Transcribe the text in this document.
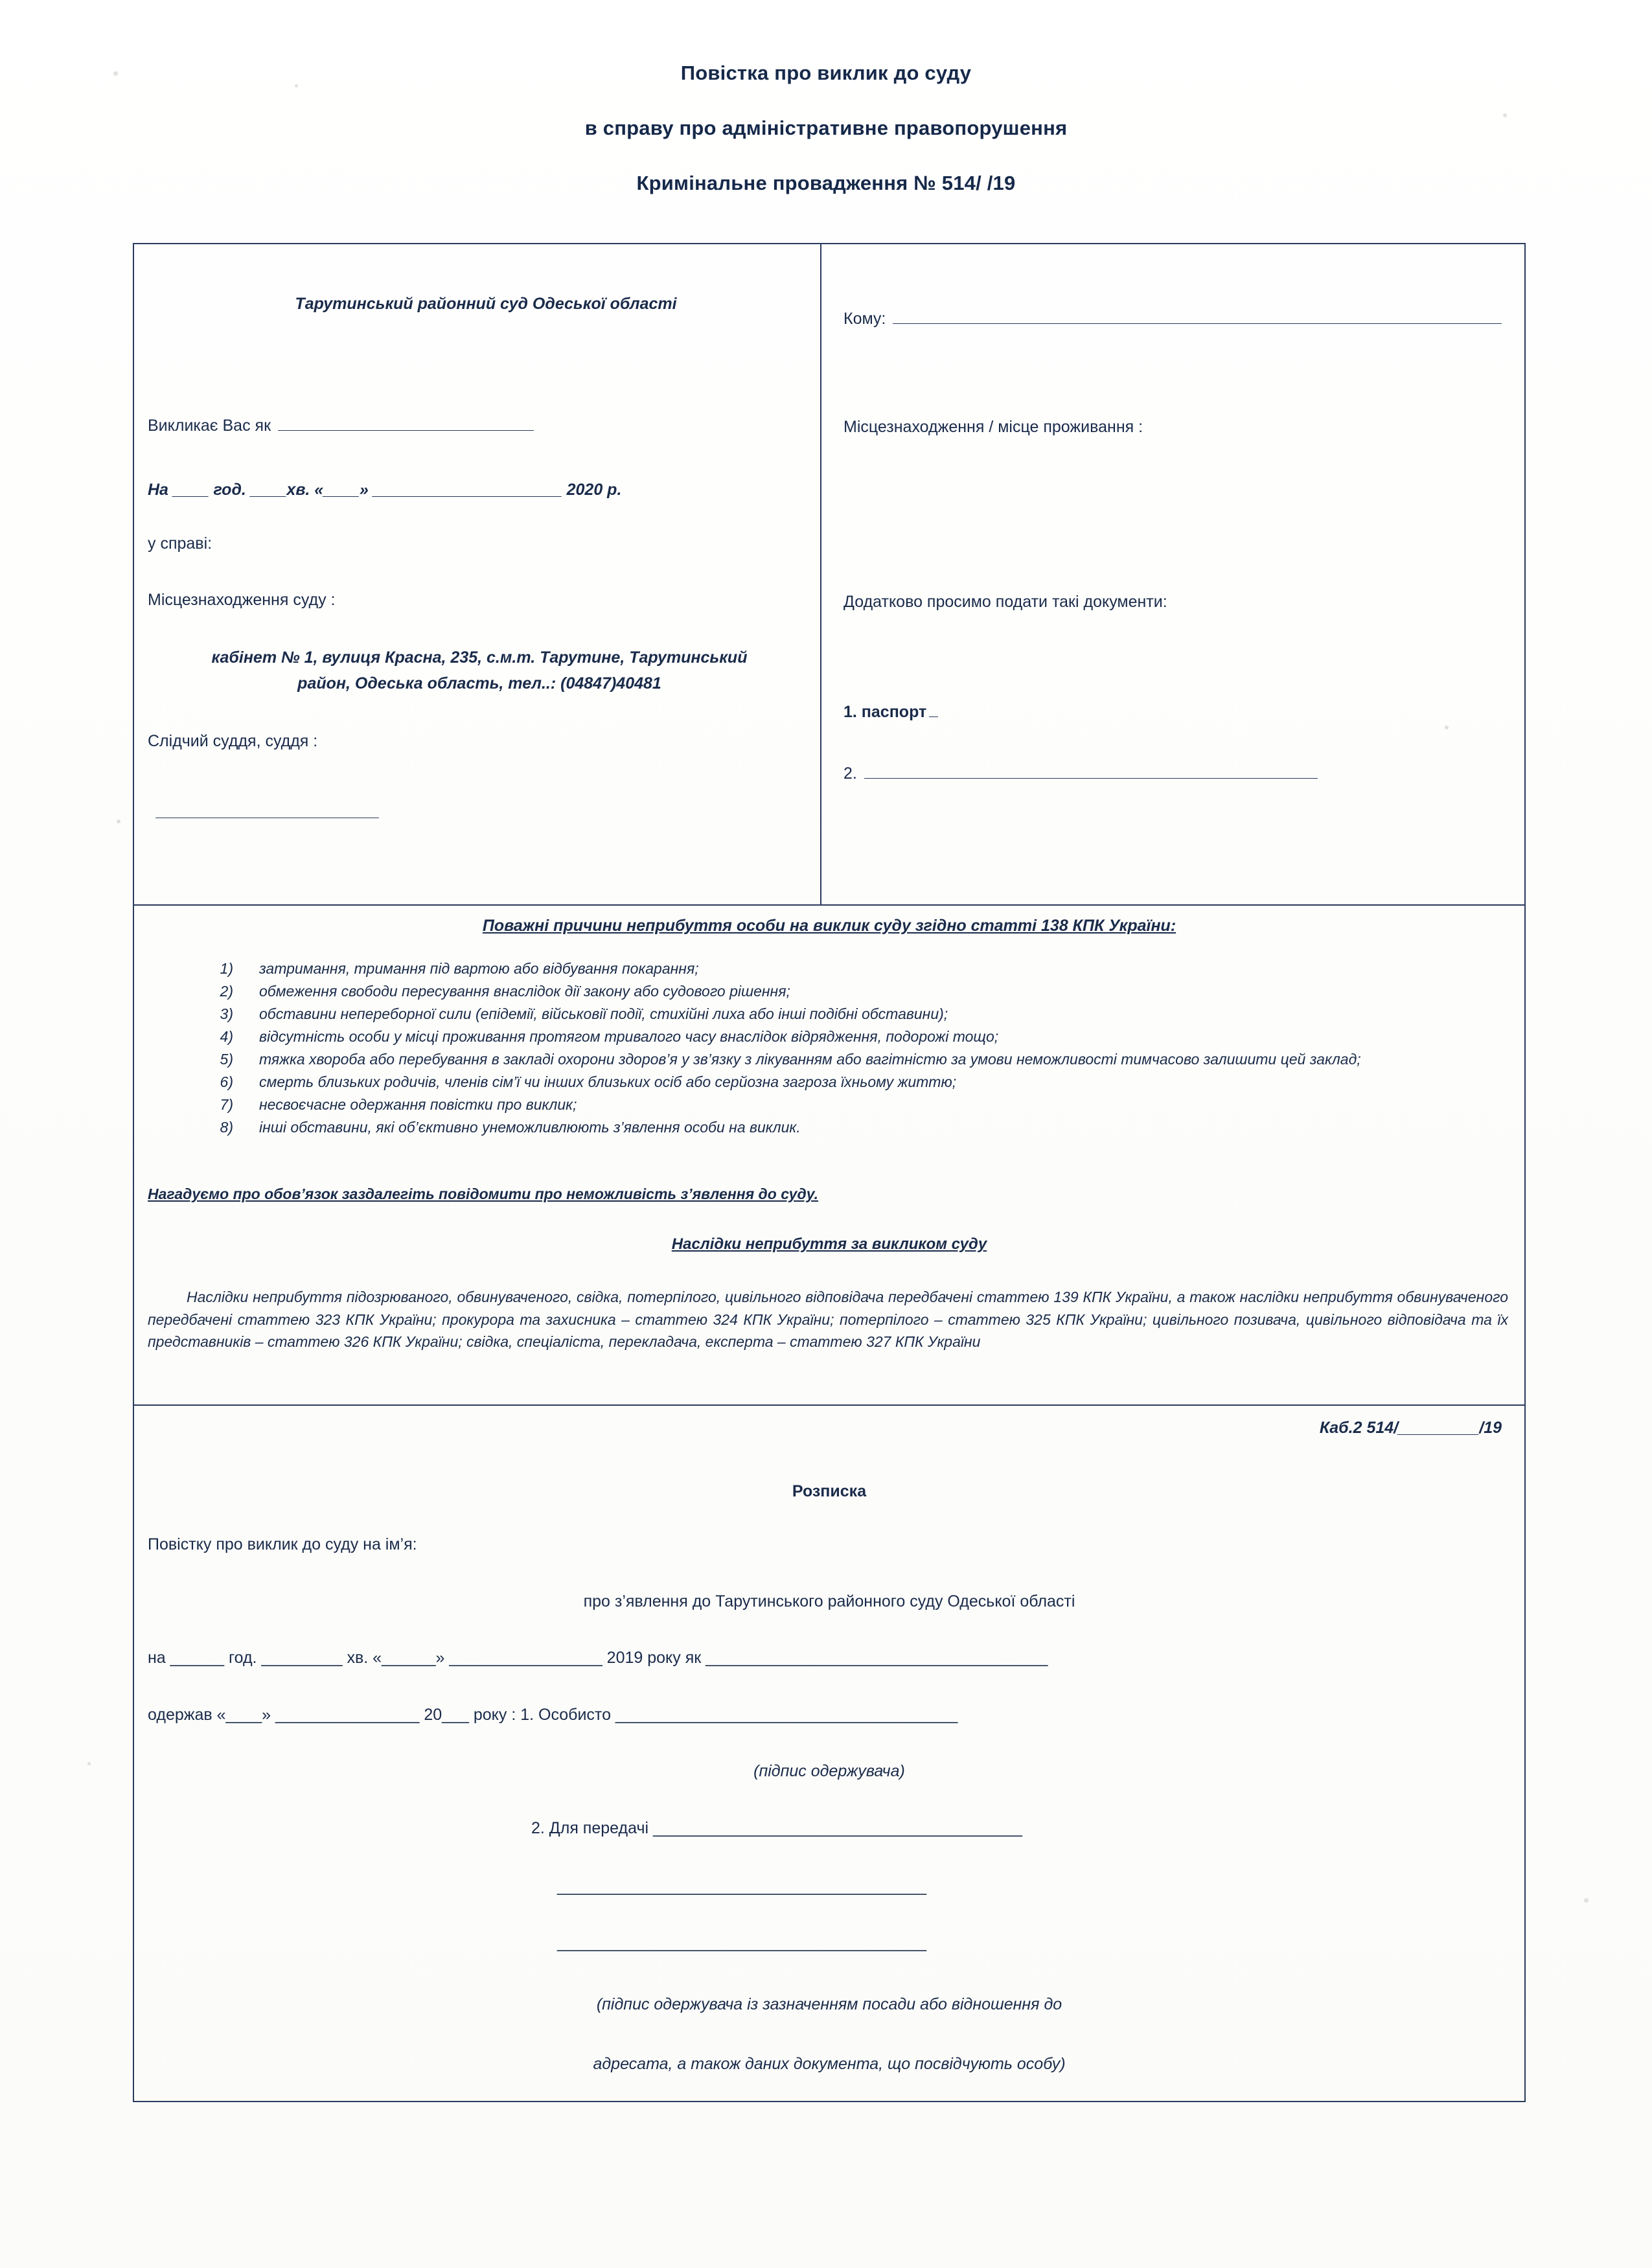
Повістка про виклик до суду
в справу про адміністративне правопорушення
Кримінальне провадження № 514/ /19
Тарутинський районний суд Одеської області
Викликає Вас як
На ____ год. ____хв. «____» _____________________ 2020 р.
у справі:
Місцезнаходження суду :
кабінет № 1, вулиця Красна, 235, с.м.т. Тарутине, Тарутинський
район, Одеська область, тел..: (04847)40481
Слідчий суддя, суддя :
Кому:
Місцезнаходження / місце проживання :
Додатково просимо подати такі документи:
1. паспорт
2.
Поважні причини неприбуття особи на виклик суду згідно статті 138 КПК України:
1) затримання, тримання під вартою або відбування покарання;
2) обмеження свободи пересування внаслідок дії закону або судового рішення;
3) обставини непереборної сили (епідемії, військовії події, стихійні лиха або інші подібні обставини);
4) відсутність особи у місці проживання протягом тривалого часу внаслідок відрядження, подорожі тощо;
5) тяжка хвороба або перебування в закладі охорони здоров’я у зв’язку з лікуванням або вагітністю за умови неможливості тимчасово залишити цей заклад;
6) смерть близьких родичів, членів сім’ї чи інших близьких осіб або серйозна загроза їхньому життю;
7) несвоєчасне одержання повістки про виклик;
8) інші обставини, які об’єктивно унеможливлюють з’явлення особи на виклик.
Нагадуємо про обов’язок заздалегіть повідомити про неможливість з’явлення до суду.
Наслідки неприбуття за викликом суду
Наслідки неприбуття підозрюваного, обвинуваченого, свідка, потерпілого, цивільного відповідача передбачені статтею 139 КПК України, а також наслідки неприбуття обвинуваченого передбачені статтею 323 КПК України; прокурора та захисника – статтею 324 КПК України; потерпілого – статтею 325 КПК України; цивільного позивача, цивільного відповідача та їх представників – статтею 326 КПК України; свідка, спеціаліста, перекладача, експерта – статтею 327 КПК України
Каб.2 514/_________/19
Розписка
Повістку про виклик до суду на ім’я:
про з’явлення до Тарутинського районного суду Одеської області
на ______ год. _________ хв. «______» _________________ 2019 року як ______________________________________
одержав «____» ________________ 20___ року : 1. Особисто ______________________________________
(підпис одержувача)
2. Для передачі _________________________________________
_________________________________________
_________________________________________
(підпис одержувача із зазначенням посади або відношення до
адресата, а також даних документа, що посвідчують особу)
